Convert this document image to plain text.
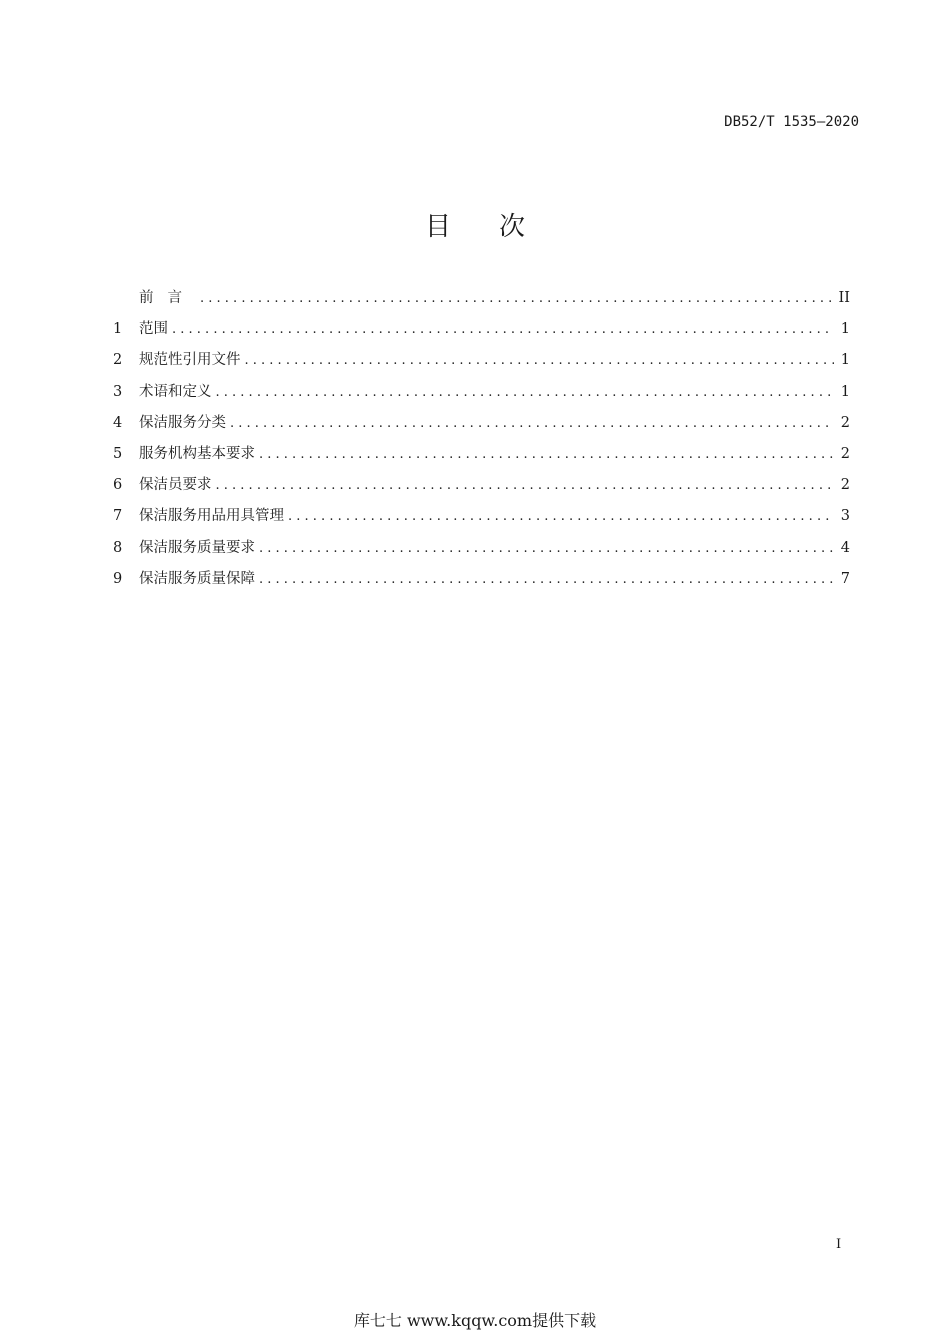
DB52/T 1535—2020
目次
前言 . . .	II
1	范围 . . .	1
2	规范性引用文件 . . .	1
3	术语和定义 . . .	1
4	保洁服务分类 . . .	2
5	服务机构基本要求 . . .	2
6	保洁员要求 . . .	2
7	保洁服务用品用具管理 . . .	3
8	保洁服务质量要求 . . .	4
9	保洁服务质量保障 . . .	7
I
库七七 www.kqqw.com提供下载
